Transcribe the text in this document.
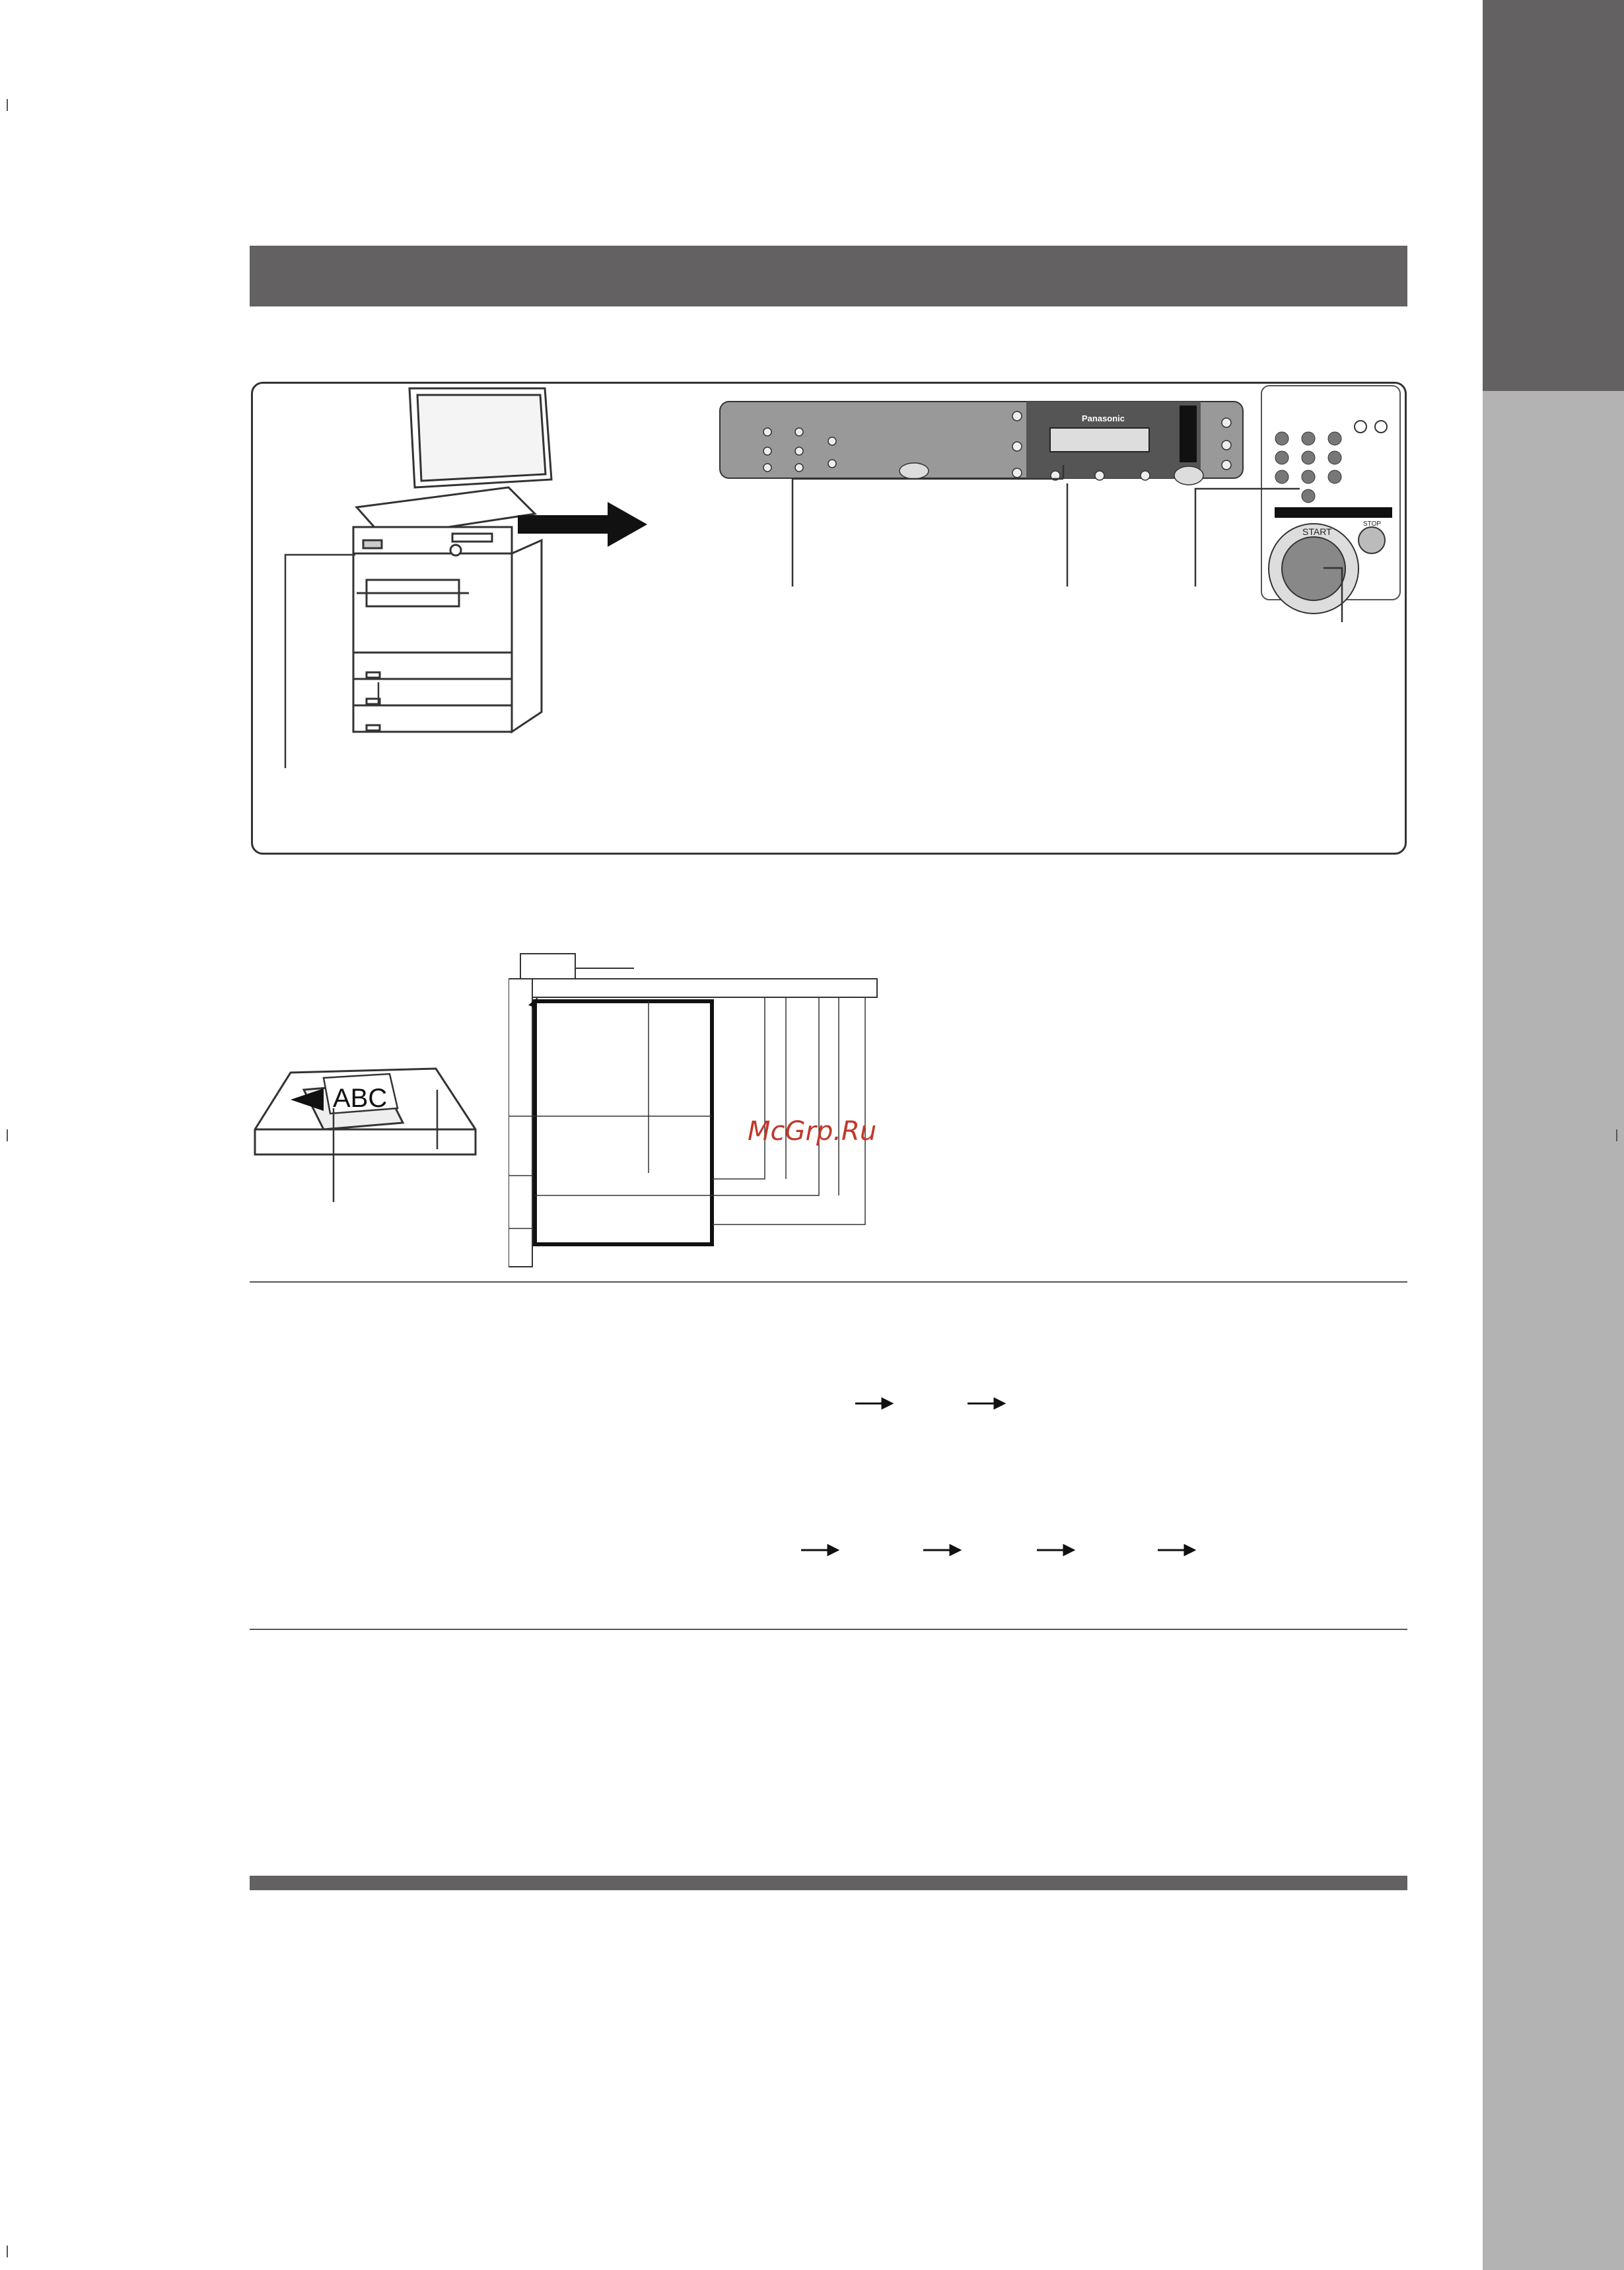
Panasonic
START
STOP
ABC
McGrp.Ru
